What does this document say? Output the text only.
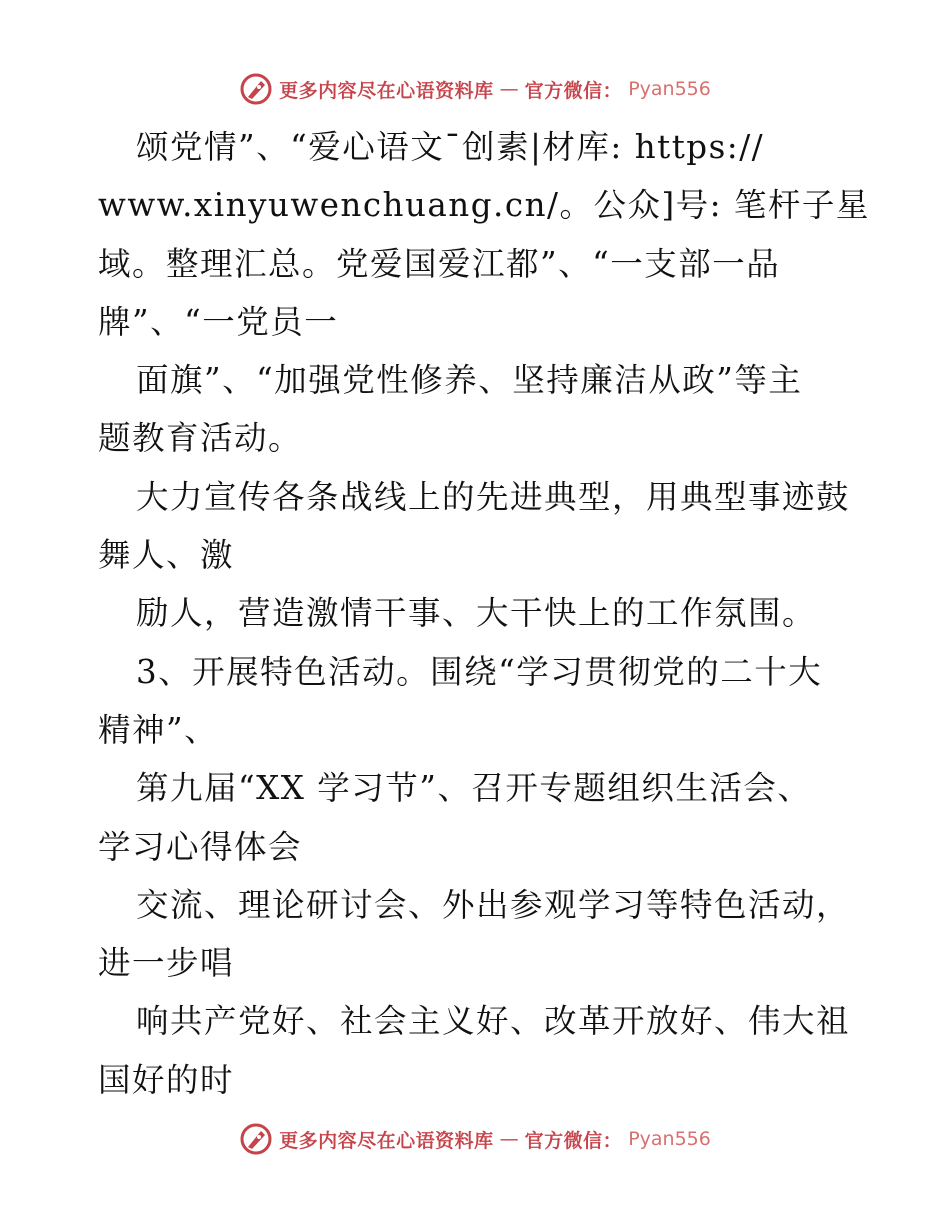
更多内容尽在心语资料库 — 官方微信： Pyan556
颂党情”、“爱心语文¯创素|材库: https://
www.xinyuwenchuang.cn/。公众]号: 笔杆子星
域。整理汇总。党爱国爱江都”、“一支部一品
牌”、“一党员一
面旗”、“加强党性修养、坚持廉洁从政”等主
题教育活动。
大力宣传各条战线上的先进典型，用典型事迹鼓
舞人、激
励人，营造激情干事、大干快上的工作氛围。
3、开展特色活动。围绕“学习贯彻党的二十大
精神”、
第九届“XX 学习节”、召开专题组织生活会、
学习心得体会
交流、理论研讨会、外出参观学习等特色活动，
进一步唱
响共产党好、社会主义好、改革开放好、伟大祖
国好的时
更多内容尽在心语资料库 — 官方微信： Pyan556
